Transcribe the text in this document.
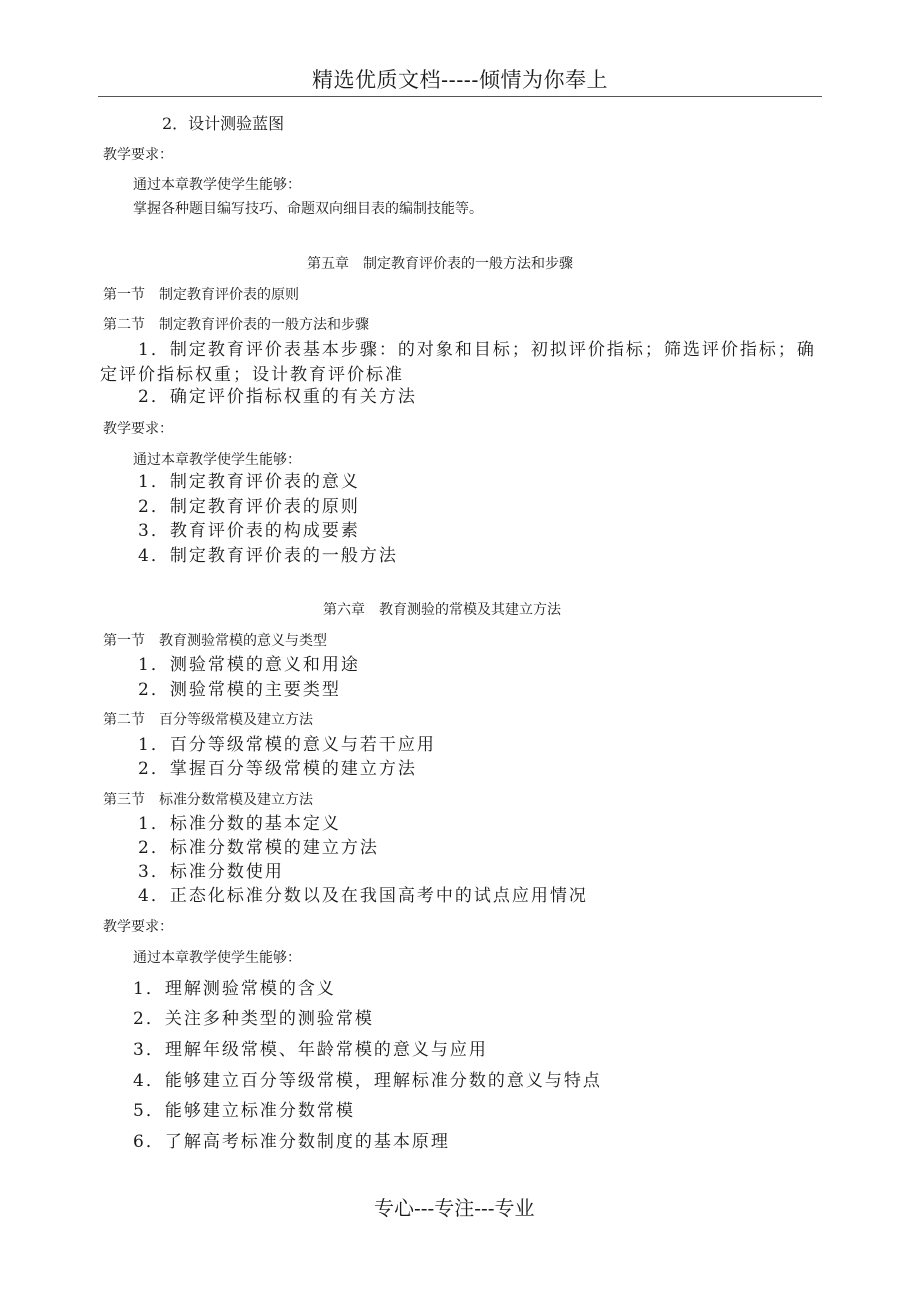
精选优质文档-----倾情为你奉上
2．设计测验蓝图
教学要求：
通过本章教学使学生能够：
掌握各种题目编写技巧、命题双向细目表的编制技能等。
第五章　制定教育评价表的一般方法和步骤
第一节　制定教育评价表的原则
第二节　制定教育评价表的一般方法和步骤
1．制定教育评价表基本步骤：的对象和目标；初拟评价指标；筛选评价指标；确定评价指标权重；设计教育评价标准
2．确定评价指标权重的有关方法
教学要求：
通过本章教学使学生能够：
1．制定教育评价表的意义
2．制定教育评价表的原则
3．教育评价表的构成要素
4．制定教育评价表的一般方法
第六章　教育测验的常模及其建立方法
第一节　教育测验常模的意义与类型
1．测验常模的意义和用途
2．测验常模的主要类型
第二节　百分等级常模及建立方法
1．百分等级常模的意义与若干应用
2．掌握百分等级常模的建立方法
第三节　标准分数常模及建立方法
1．标准分数的基本定义
2．标准分数常模的建立方法
3．标准分数使用
4．正态化标准分数以及在我国高考中的试点应用情况
教学要求：
通过本章教学使学生能够：
1．理解测验常模的含义
2．关注多种类型的测验常模
3．理解年级常模、年龄常模的意义与应用
4．能够建立百分等级常模，理解标准分数的意义与特点
5．能够建立标准分数常模
6．了解高考标准分数制度的基本原理
专心---专注---专业
